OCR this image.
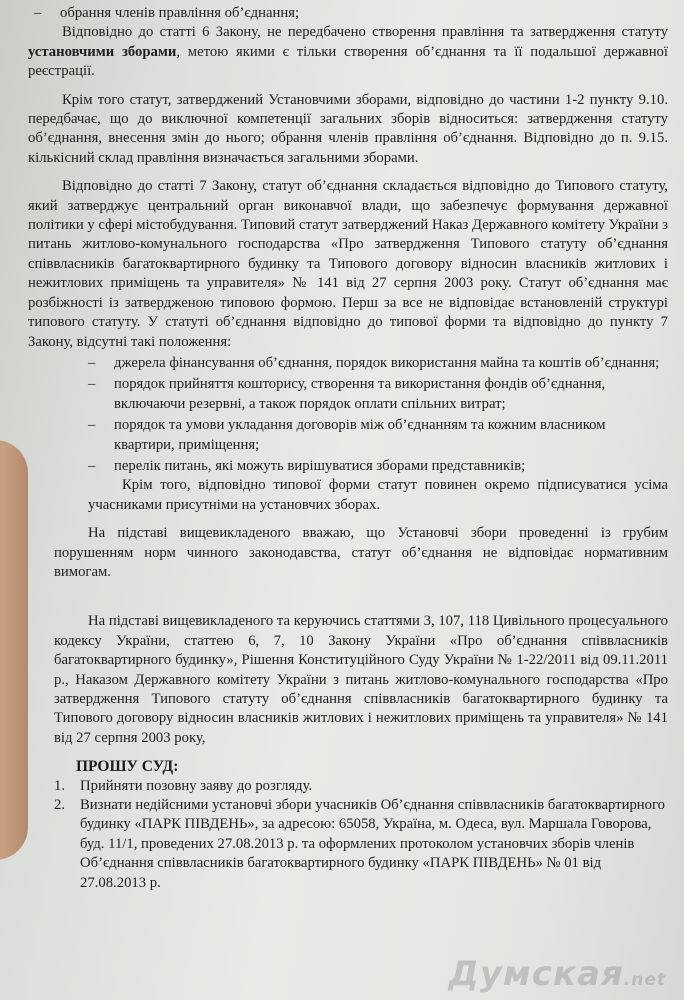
– обрання членів правління об’єднання;

Відповідно до статті 6 Закону, не передбачено створення правління та затвердження статуту установчими зборами, метою якими є тільки створення об’єднання та її подальшої державної реєстрації.

Крім того статут, затверджений Установчими зборами, відповідно до частини 1-2 пункту 9.10. передбачає, що до виключної компетенції загальних зборів відноситься: затвердження статуту об’єднання, внесення змін до нього; обрання членів правління об’єднання. Відповідно до п. 9.15. кількісний склад правління визначається загальними зборами.

Відповідно до статті 7 Закону, статут об’єднання складається відповідно до Типового статуту, який затверджує центральний орган виконавчої влади, що забезпечує формування державної політики у сфері містобудування. Типовий статут затверджений Наказ Державного комітету України з питань житлово-комунального господарства «Про затвердження Типового статуту об’єднання співвласників багатоквартирного будинку та Типового договору відносин власників житлових і нежитлових приміщень та управителя» № 141 від 27 серпня 2003 року. Статут об’єднання має розбіжності із затвердженою типовою формою. Перш за все не відповідає встановленій структурі типового статуту. У статуті об’єднання відповідно до типової форми та відповідно до пункту 7 Закону, відсутні такі положення:

– джерела фінансування об’єднання, порядок використання майна та коштів об’єднання;
– порядок прийняття кошторису, створення та використання фондів об’єднання, включаючи резервні, а також порядок оплати спільних витрат;
– порядок та умови укладання договорів між об’єднанням та кожним власником квартири, приміщення;
– перелік питань, які можуть вирішуватися зборами представників;

Крім того, відповідно типової форми статут повинен окремо підписуватися усіма учасниками присутніми на установчих зборах.

На підставі вищевикладеного вважаю, що Установчі збори проведенні із грубим порушенням норм чинного законодавства, статут об’єднання не відповідає нормативним вимогам.

На підставі вищевикладеного та керуючись статтями 3, 107, 118 Цивільного процесуального кодексу України, статтею 6, 7, 10 Закону України «Про об’єднання співвласників багатоквартирного будинку», Рішення Конституційного Суду України № 1-22/2011 від 09.11.2011 р., Наказом Державного комітету України з питань житлово-комунального господарства «Про затвердження Типового статуту об’єднання співвласників багатоквартирного будинку та Типового договору відносин власників житлових і нежитлових приміщень та управителя» № 141 від 27 серпня 2003 року,

ПРОШУ СУД:

1. Прийняти позовну заяву до розгляду.
2. Визнати недійсними установчі збори учасників Об’єднання співвласників багатоквартирного будинку «ПАРК ПІВДЕНЬ», за адресою: 65058, Україна, м. Одеса, вул. Маршала Говорова, буд. 11/1, проведених 27.08.2013 р. та оформлених протоколом установчих зборів членів Об’єднання співвласників багатоквартирного будинку «ПАРК ПІВДЕНЬ» № 01 від 27.08.2013 р.
Думская.net
